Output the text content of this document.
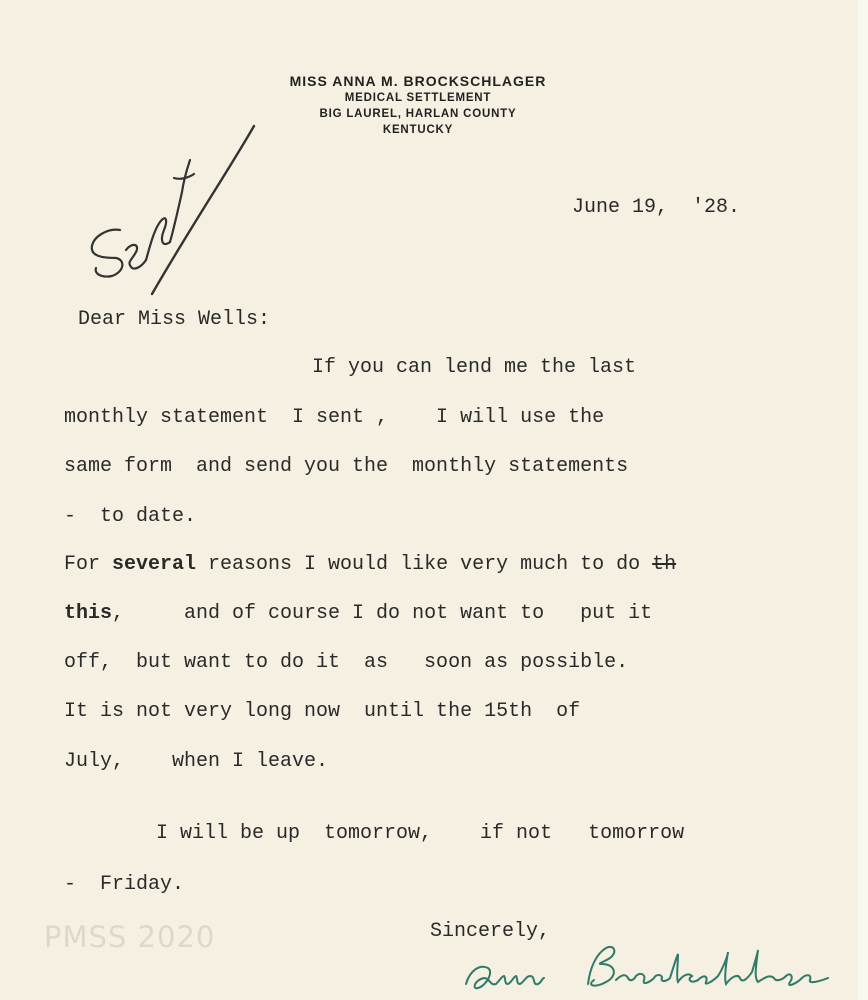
MISS ANNA M. BROCKSCHLAGER
MEDICAL SETTLEMENT
BIG LAUREL, HARLAN COUNTY
KENTUCKY
June 19,  '28.
Dear Miss Wells:
If you can lend me the last
monthly statement  I sent ,    I will use the
same form  and send you the  monthly statements
-  to date.
For several reasons I would like very much to do th
this,     and of course I do not want to   put it
off,  but want to do it  as   soon as possible.
It is not very long now  until the 15th  of
July,    when I leave.
I will be up  tomorrow,    if not   tomorrow
-  Friday.
Sincerely,
PMSS 2020
